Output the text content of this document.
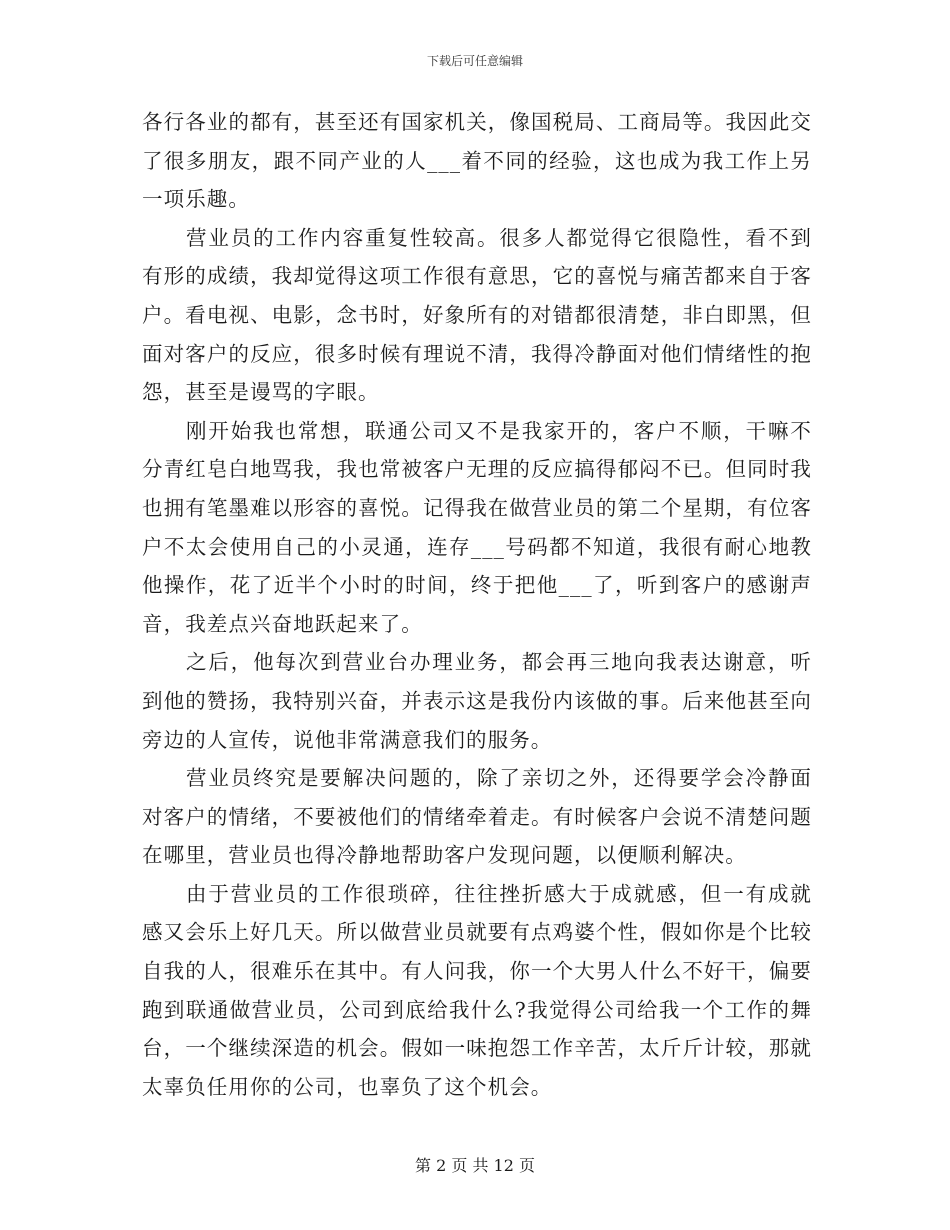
下载后可任意编辑

各行各业的都有，甚至还有国家机关，像国税局、工商局等。我因此交了很多朋友，跟不同产业的人___着不同的经验，这也成为我工作上另一项乐趣。

营业员的工作内容重复性较高。很多人都觉得它很隐性，看不到有形的成绩，我却觉得这项工作很有意思，它的喜悦与痛苦都来自于客户。看电视、电影，念书时，好象所有的对错都很清楚，非白即黑，但面对客户的反应，很多时候有理说不清，我得冷静面对他们情绪性的抱怨，甚至是谩骂的字眼。

刚开始我也常想，联通公司又不是我家开的，客户不顺，干嘛不分青红皂白地骂我，我也常被客户无理的反应搞得郁闷不已。但同时我也拥有笔墨难以形容的喜悦。记得我在做营业员的第二个星期，有位客户不太会使用自己的小灵通，连存___号码都不知道，我很有耐心地教他操作，花了近半个小时的时间，终于把他___了，听到客户的感谢声音，我差点兴奋地跃起来了。

之后，他每次到营业台办理业务，都会再三地向我表达谢意，听到他的赞扬，我特别兴奋，并表示这是我份内该做的事。后来他甚至向旁边的人宣传，说他非常满意我们的服务。

营业员终究是要解决问题的，除了亲切之外，还得要学会冷静面对客户的情绪，不要被他们的情绪牵着走。有时候客户会说不清楚问题在哪里，营业员也得冷静地帮助客户发现问题，以便顺利解决。

由于营业员的工作很琐碎，往往挫折感大于成就感，但一有成就感又会乐上好几天。所以做营业员就要有点鸡婆个性，假如你是个比较自我的人，很难乐在其中。有人问我，你一个大男人什么不好干，偏要跑到联通做营业员，公司到底给我什么?我觉得公司给我一个工作的舞台，一个继续深造的机会。假如一味抱怨工作辛苦，太斤斤计较，那就太辜负任用你的公司，也辜负了这个机会。

第 2 页 共 12 页
